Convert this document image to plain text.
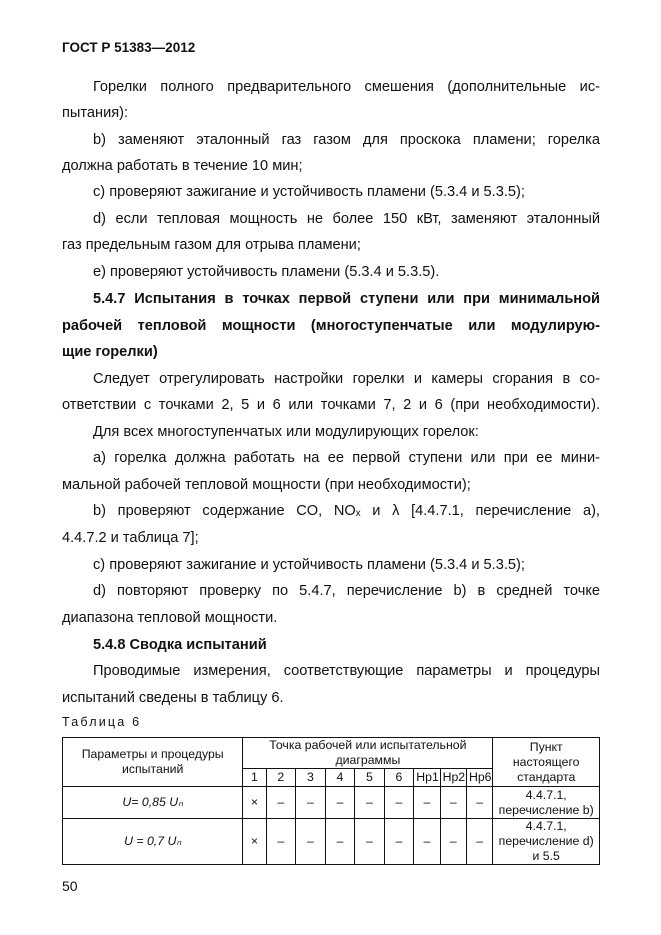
ГОСТ Р 51383—2012
Горелки полного предварительного смешения (дополнительные ис-
пытания):
b) заменяют эталонный газ газом для проскока пламени; горелка
должна работать в течение 10 мин;
c) проверяют зажигание и устойчивость пламени (5.3.4 и 5.3.5);
d) если тепловая мощность не более 150 кВт, заменяют эталонный
газ предельным газом для отрыва пламени;
e) проверяют устойчивость пламени (5.3.4 и 5.3.5).
5.4.7 Испытания в точках первой ступени или при минимальной
рабочей тепловой мощности (многоступенчатые или модулирую-
щие горелки)
Следует отрегулировать настройки горелки и камеры сгорания в со-
ответствии с точками 2, 5 и 6 или точками 7, 2 и 6 (при необходимости).
Для всех многоступенчатых или модулирующих горелок:
a) горелка должна работать на ее первой ступени или при ее мини-
мальной рабочей тепловой мощности (при необходимости);
b) проверяют содержание CO, NOₓ и λ [4.4.7.1, перечисление a),
4.4.7.2 и таблица 7];
c) проверяют зажигание и устойчивость пламени (5.3.4 и 5.3.5);
d) повторяют проверку по 5.4.7, перечисление b) в средней точке
диапазона тепловой мощности.
5.4.8 Сводка испытаний
Проводимые измерения, соответствующие параметры и процедуры
испытаний сведены в таблицу 6.
Таблица 6
Параметры и процедуры испытаний	Точка рабочей или испытательной диаграммы									Пункт настоящего стандарта
	1	2	3	4	5	6	Hp1	Hp2	Hp6	
U= 0,85 Uₙ	×	–	–	–	–	–	–	–	–	4.4.7.1, перечисление b)
U = 0,7 Uₙ	×	–	–	–	–	–	–	–	–	4.4.7.1, перечисление d) и 5.5
50
